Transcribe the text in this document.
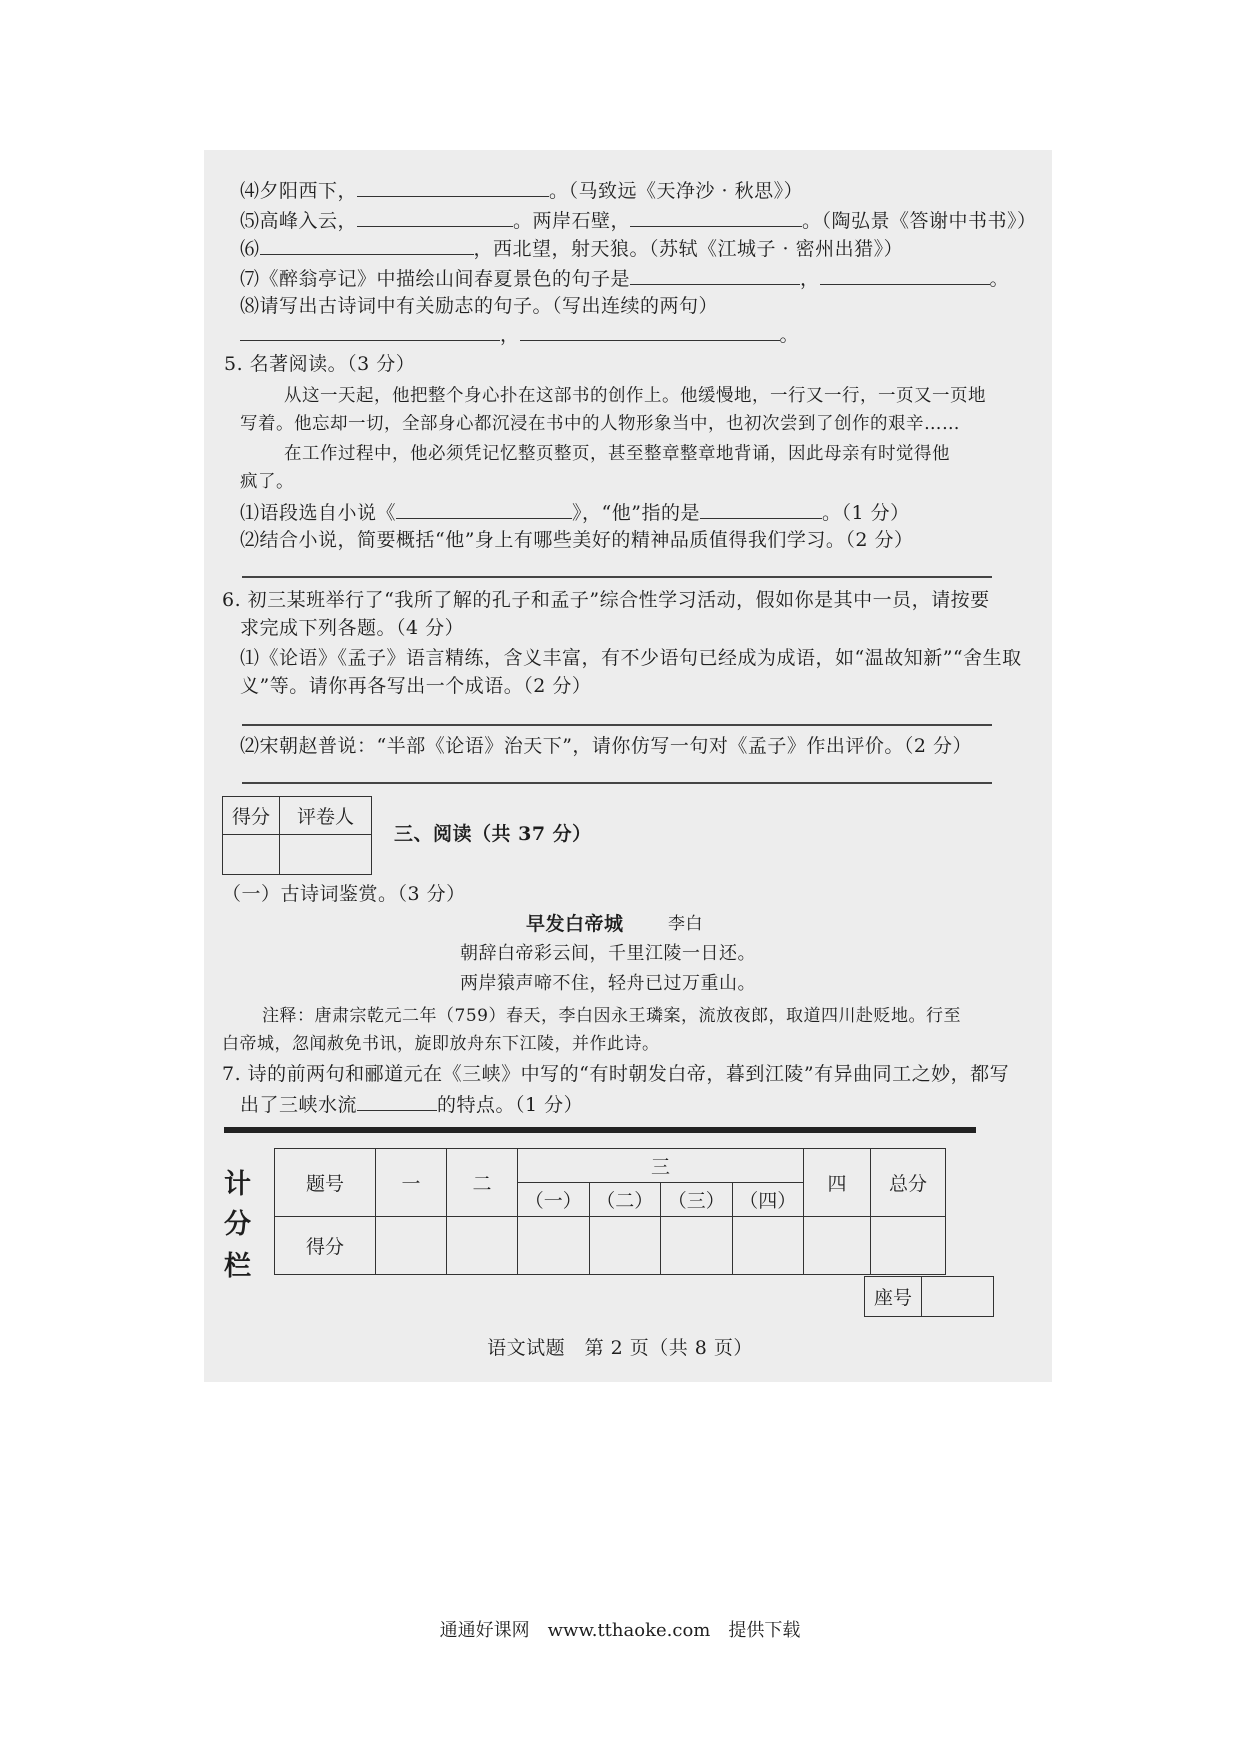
⑷夕阳西下，	。（马致远《天净沙 · 秋思》）
⑸高峰入云，	。两岸石壁，	。（陶弘景《答谢中书书》）
⑹	，西北望，射天狼。（苏轼《江城子 · 密州出猎》）
⑺《醉翁亭记》中描绘山间春夏景色的句子是	，	。
⑻请写出古诗词中有关励志的句子。（写出连续的两句）
，	。
5. 名著阅读。（3 分）
从这一天起，他把整个身心扑在这部书的创作上。他缓慢地，一行又一行，一页又一页地
写着。他忘却一切，全部身心都沉浸在书中的人物形象当中，也初次尝到了创作的艰辛……
在工作过程中，他必须凭记忆整页整页，甚至整章整章地背诵，因此母亲有时觉得他
疯了。
⑴语段选自小说《	》，“他”指的是	。（1 分）
⑵结合小说，简要概括“他”身上有哪些美好的精神品质值得我们学习。（2 分）
6. 初三某班举行了“我所了解的孔子和孟子”综合性学习活动，假如你是其中一员，请按要
求完成下列各题。（4 分）
⑴《论语》《孟子》语言精练，含义丰富，有不少语句已经成为成语，如“温故知新”“舍生取
义”等。请你再各写出一个成语。（2 分）
⑵宋朝赵普说：“半部《论语》治天下”，请你仿写一句对《孟子》作出评价。（2 分）
得分	评卷人

三、阅读（共 37 分）
（一）古诗词鉴赏。（3 分）
早发白帝城	李白
朝辞白帝彩云间，千里江陵一日还。
两岸猿声啼不住，轻舟已过万重山。
注释：唐肃宗乾元二年（759）春天，李白因永王璘案，流放夜郎，取道四川赴贬地。行至
白帝城，忽闻赦免书讯，旋即放舟东下江陵，并作此诗。
7. 诗的前两句和郦道元在《三峡》中写的“有时朝发白帝，暮到江陵”有异曲同工之妙，都写
出了三峡水流	的特点。（1 分）
计
分
栏
题号	一	二	三				四	总分
			（一）	（二）	（三）	（四）		
得分								
座号	
语文试题　第 2 页（共 8 页）
通通好课网　www.tthaoke.com　提供下载
